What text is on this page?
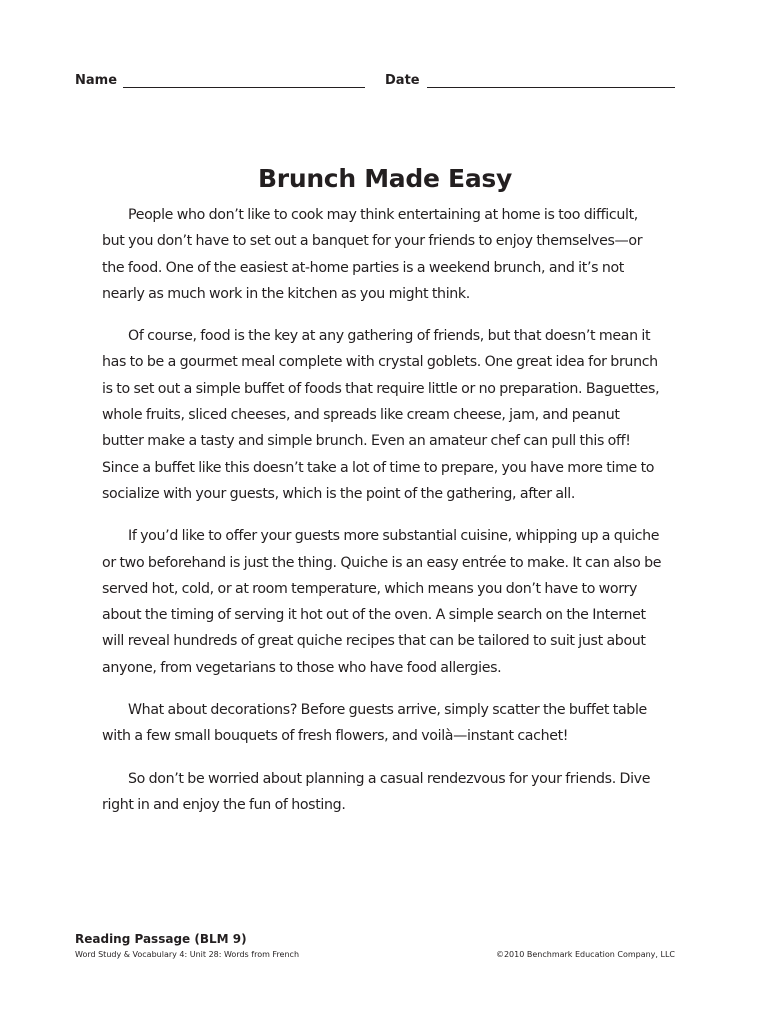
Name	Date
Brunch Made Easy

People who don’t like to cook may think entertaining at home is too difficult, but you don’t have to set out a banquet for your friends to enjoy themselves—or the food. One of the easiest at-home parties is a weekend brunch, and it’s not nearly as much work in the kitchen as you might think.

Of course, food is the key at any gathering of friends, but that doesn’t mean it has to be a gourmet meal complete with crystal goblets. One great idea for brunch is to set out a simple buffet of foods that require little or no preparation. Baguettes, whole fruits, sliced cheeses, and spreads like cream cheese, jam, and peanut butter make a tasty and simple brunch. Even an amateur chef can pull this off! Since a buffet like this doesn’t take a lot of time to prepare, you have more time to socialize with your guests, which is the point of the gathering, after all.

If you’d like to offer your guests more substantial cuisine, whipping up a quiche or two beforehand is just the thing. Quiche is an easy entrée to make. It can also be served hot, cold, or at room temperature, which means you don’t have to worry about the timing of serving it hot out of the oven. A simple search on the Internet will reveal hundreds of great quiche recipes that can be tailored to suit just about anyone, from vegetarians to those who have food allergies.

What about decorations? Before guests arrive, simply scatter the buffet table with a few small bouquets of fresh flowers, and voilà—instant cachet!

So don’t be worried about planning a casual rendezvous for your friends. Dive right in and enjoy the fun of hosting.

Reading Passage (BLM 9)
Word Study & Vocabulary 4: Unit 28: Words from French	©2010 Benchmark Education Company, LLC
